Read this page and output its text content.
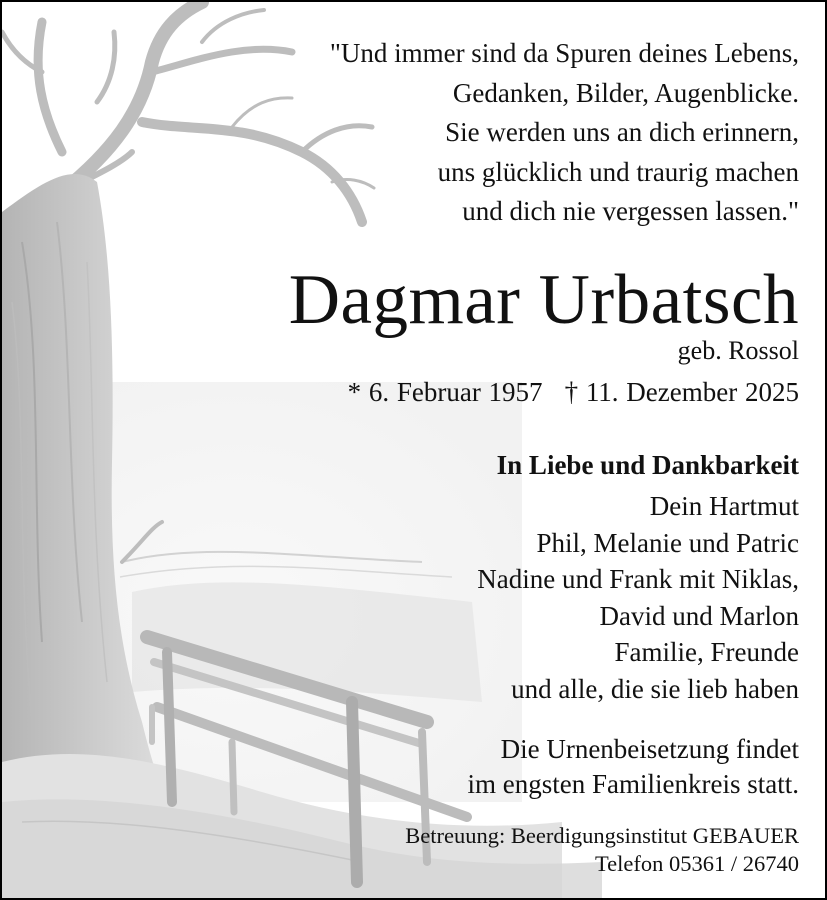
"Und immer sind da Spuren deines Lebens,
Gedanken, Bilder, Augenblicke.
Sie werden uns an dich erinnern,
uns glücklich und traurig machen
und dich nie vergessen lassen."
Dagmar Urbatsch
geb. Rossol
* 6. Februar 1957 † 11. Dezember 2025
In Liebe und Dankbarkeit
Dein Hartmut
Phil, Melanie und Patric
Nadine und Frank mit Niklas,
David und Marlon
Familie, Freunde
und alle, die sie lieb haben
Die Urnenbeisetzung findet
im engsten Familienkreis statt.
Betreuung: Beerdigungsinstitut GEBAUER
Telefon 05361 / 26740
